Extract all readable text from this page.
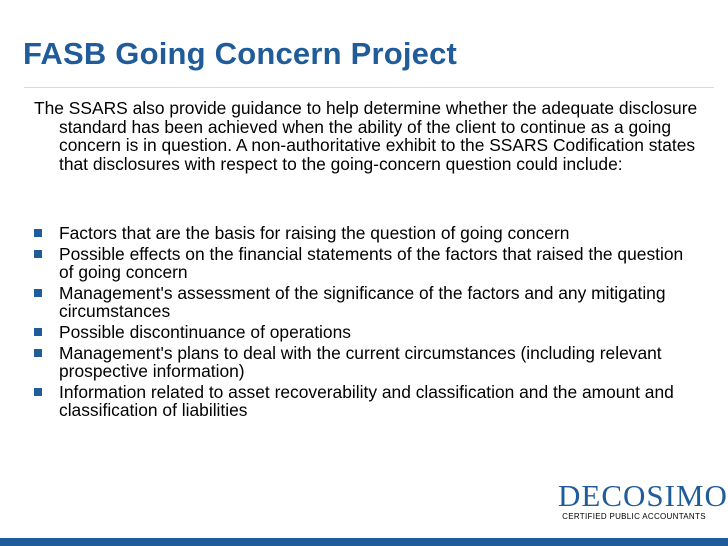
FASB Going Concern Project
The SSARS also provide guidance to help determine whether the adequate disclosure standard has been achieved when the ability of the client to continue as a going concern is in question. A non-authoritative exhibit to the SSARS Codification states that disclosures with respect to the going-concern question could include:
Factors that are the basis for raising the question of going concern
Possible effects on the financial statements of the factors that raised the question of going concern
Management's assessment of the significance of the factors and any mitigating circumstances
Possible discontinuance of operations
Management's plans to deal with the current circumstances (including relevant prospective information)
Information related to asset recoverability and classification and the amount and classification of liabilities
DECOSIMO
CERTIFIED PUBLIC ACCOUNTANTS
